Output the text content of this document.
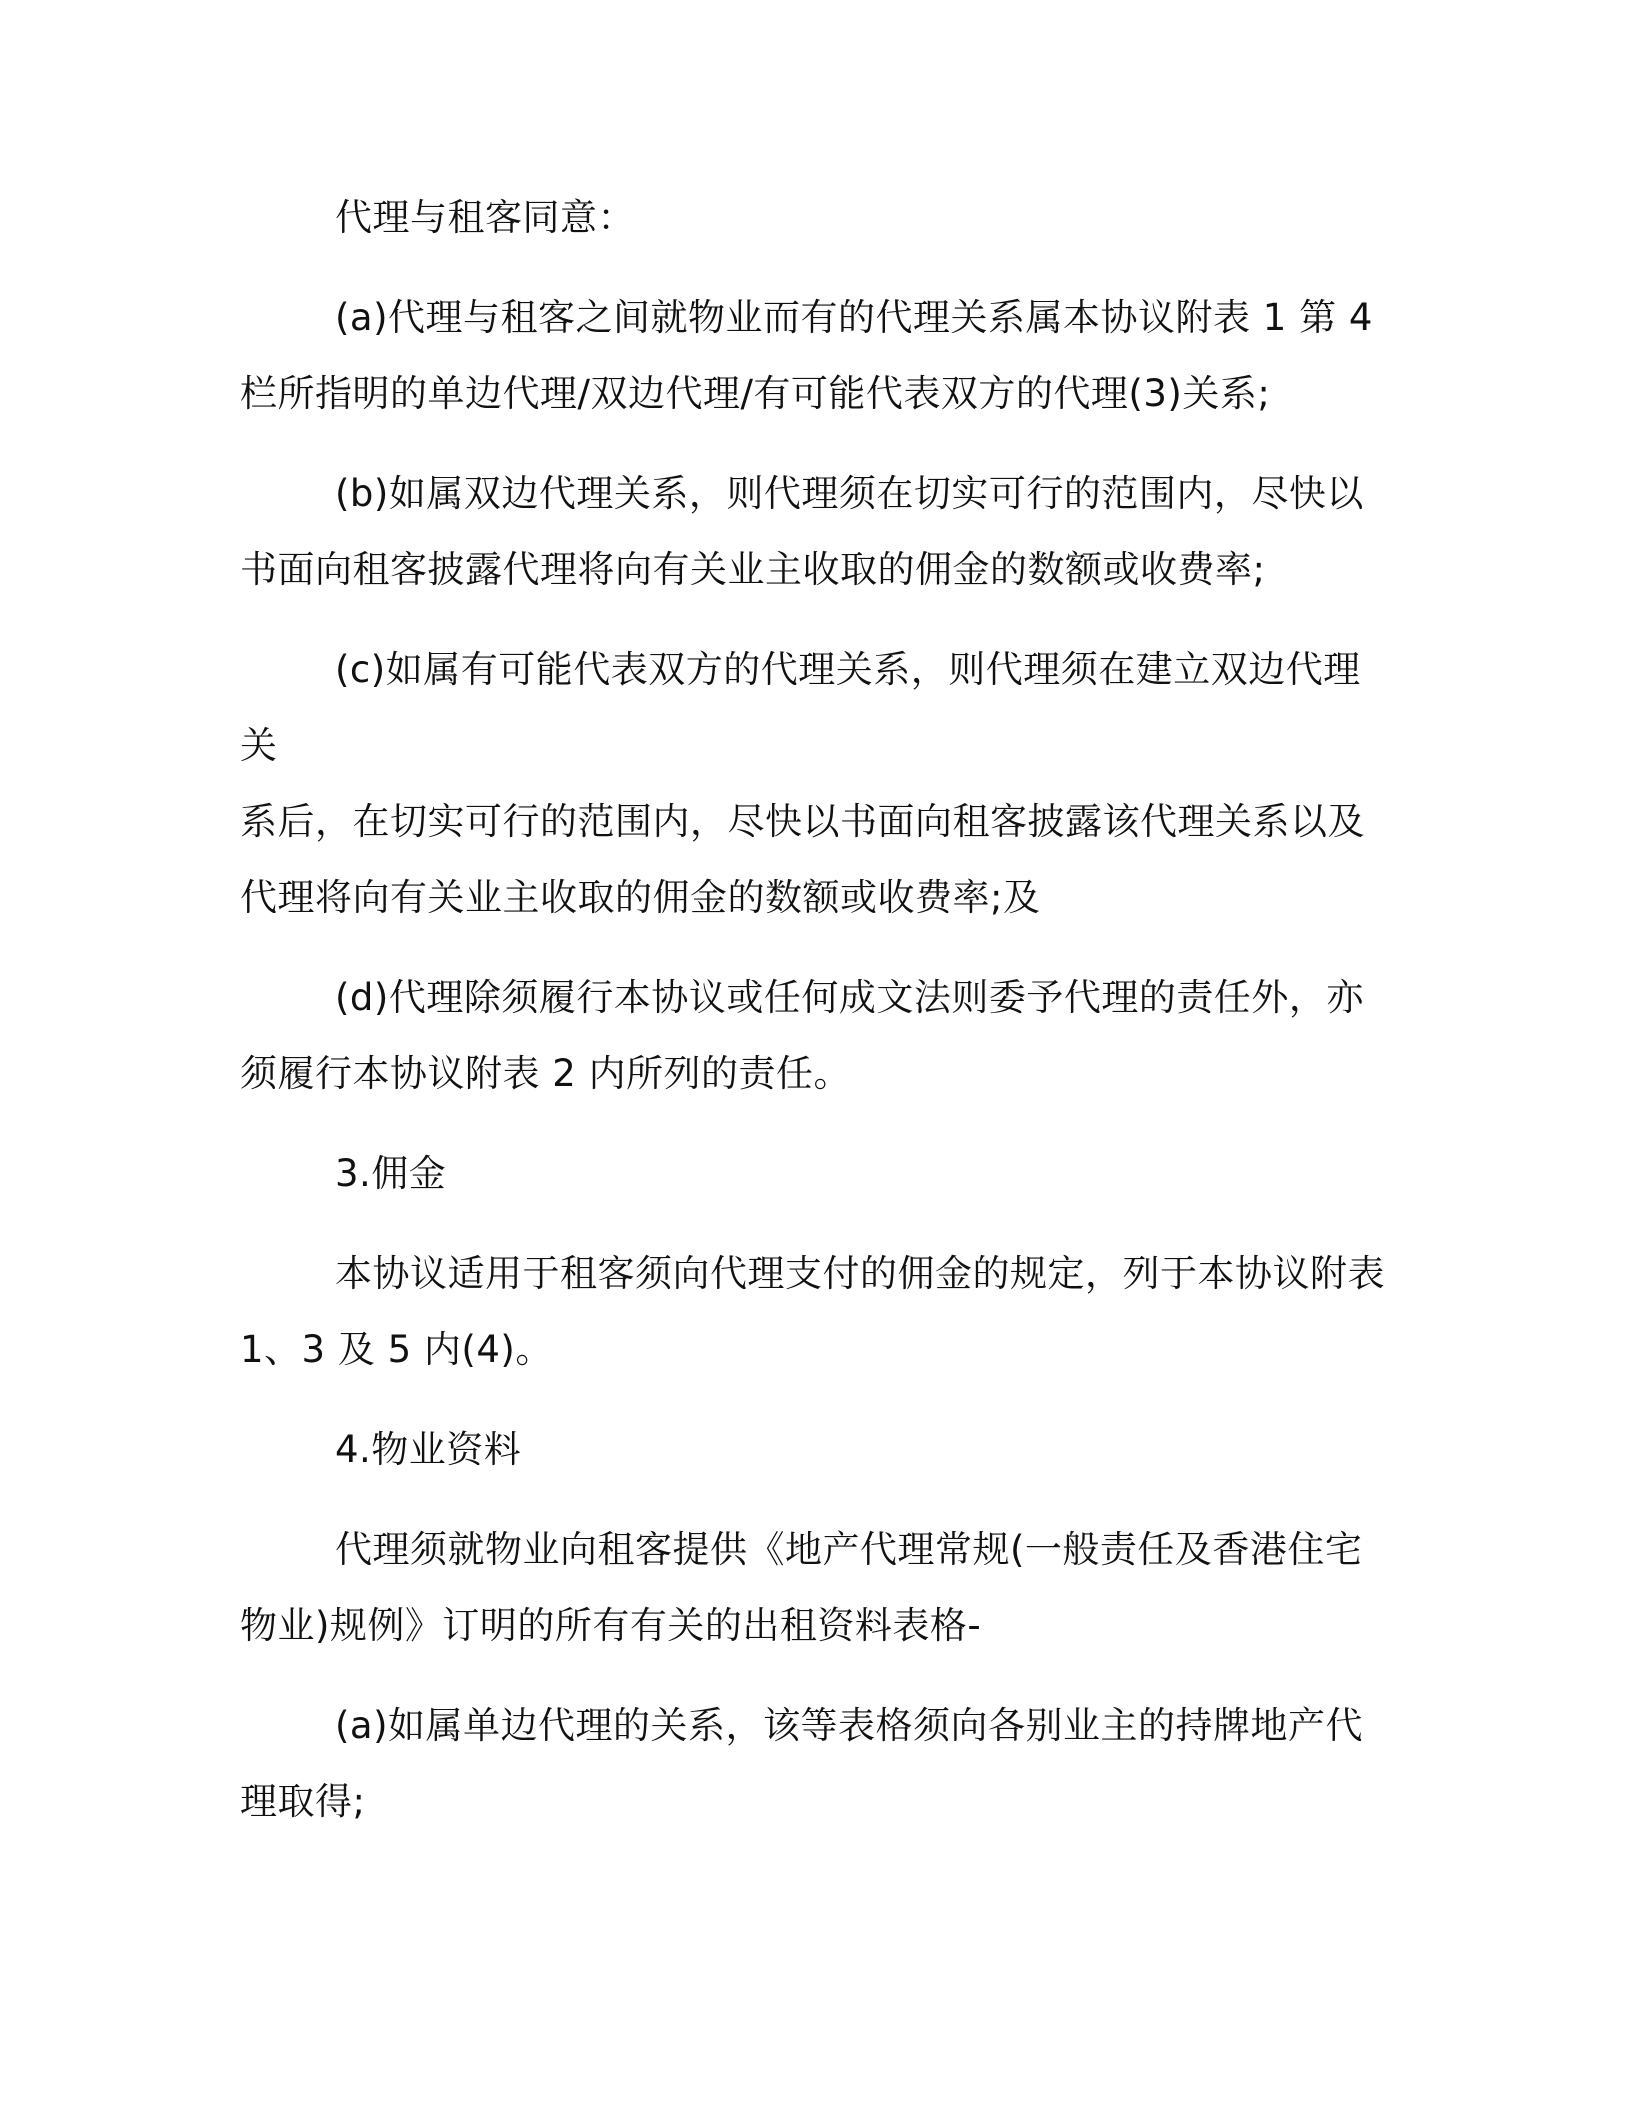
代理与租客同意：

(a)代理与租客之间就物业而有的代理关系属本协议附表 1 第 4
栏所指明的单边代理/双边代理/有可能代表双方的代理(3)关系;

(b)如属双边代理关系，则代理须在切实可行的范围内，尽快以
书面向租客披露代理将向有关业主收取的佣金的数额或收费率;

(c)如属有可能代表双方的代理关系，则代理须在建立双边代理关
系后，在切实可行的范围内，尽快以书面向租客披露该代理关系以及
代理将向有关业主收取的佣金的数额或收费率;及

(d)代理除须履行本协议或任何成文法则委予代理的责任外，亦
须履行本协议附表 2 内所列的责任。

3.佣金

本协议适用于租客须向代理支付的佣金的规定，列于本协议附表
1、3 及 5 内(4)。

4.物业资料

代理须就物业向租客提供《地产代理常规(一般责任及香港住宅
物业)规例》订明的所有有关的出租资料表格-

(a)如属单边代理的关系，该等表格须向各别业主的持牌地产代
理取得;
